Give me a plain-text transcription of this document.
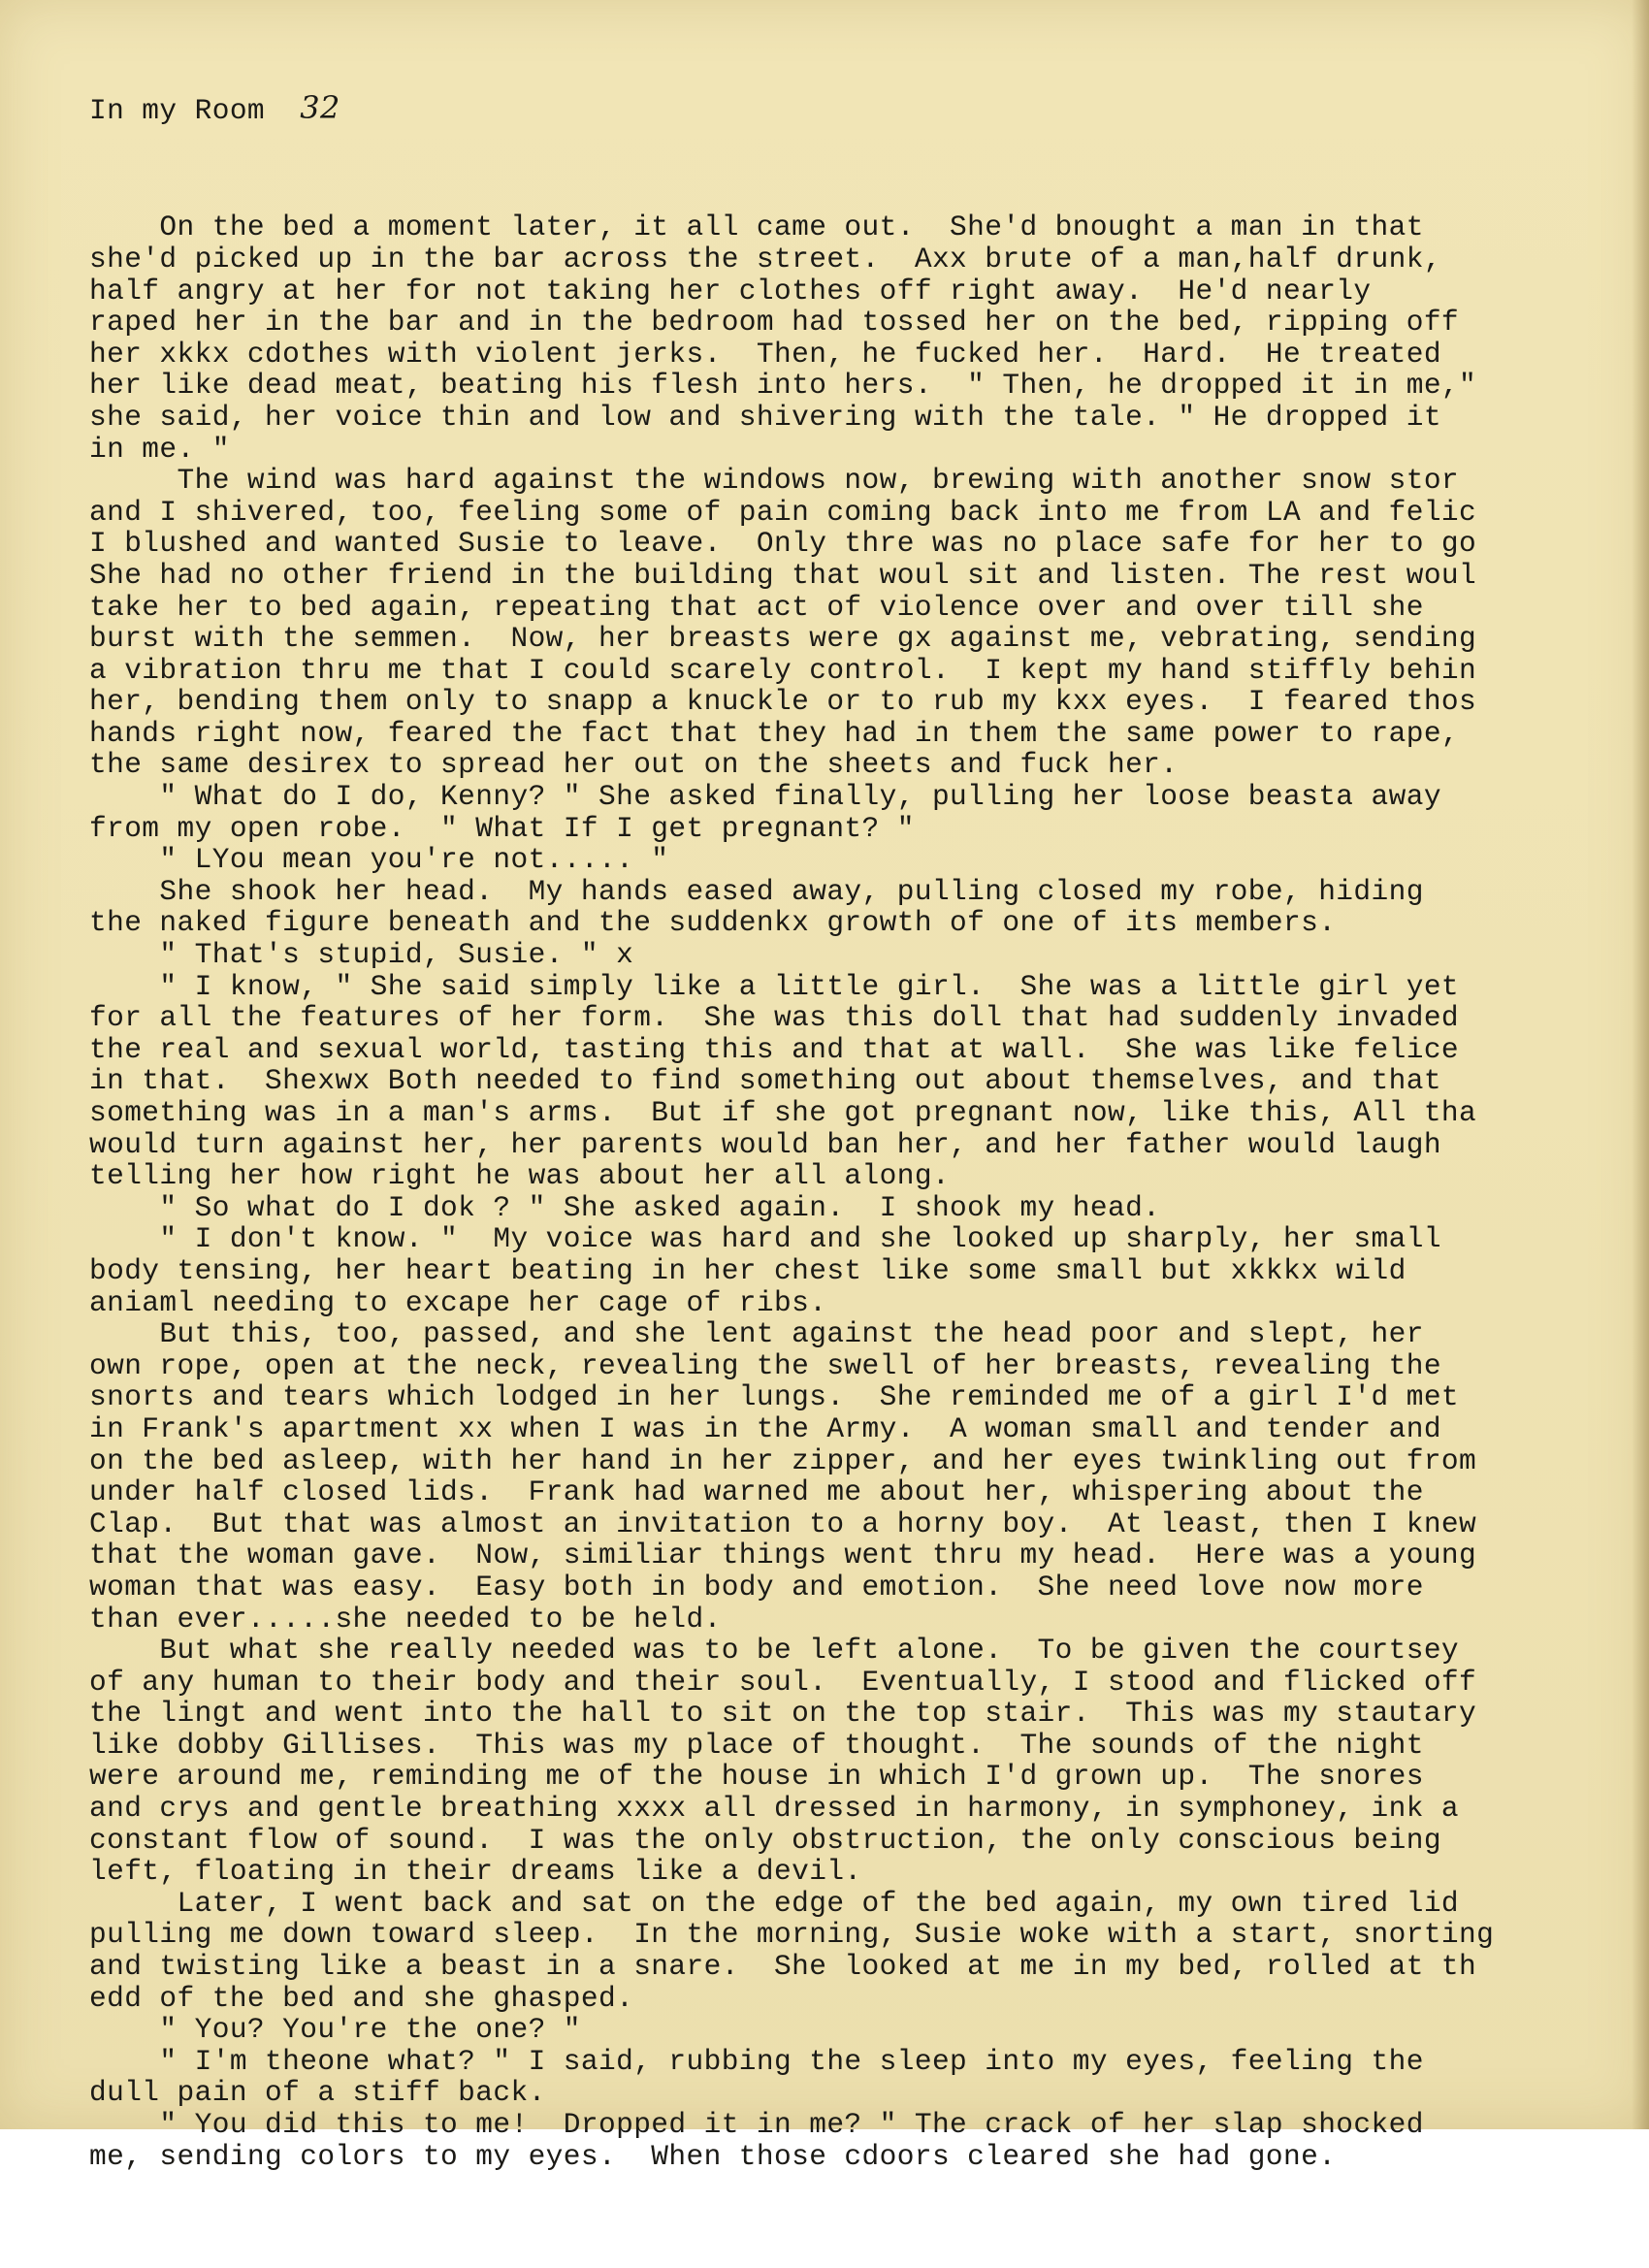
In my Room 32

On the bed a moment later, it all came out.  She'd bnought a man in that
she'd picked up in the bar across the street.  Axx brute of a man,half drunk,
half angry at her for not taking her clothes off right away.  He'd nearly
raped her in the bar and in the bedroom had tossed her on the bed, ripping off
her xkkx cdothes with violent jerks.  Then, he fucked her.  Hard.  He treated
her like dead meat, beating his flesh into hers.  " Then, he dropped it in me,"
she said, her voice thin and low and shivering with the tale. " He dropped it
in me. "
The wind was hard against the windows now, brewing with another snow stor
and I shivered, too, feeling some of pain coming back into me from LA and felic
I blushed and wanted Susie to leave.  Only thre was no place safe for her to go
She had no other friend in the building that woul sit and listen. The rest woul
take her to bed again, repeating that act of violence over and over till she
burst with the semmen.  Now, her breasts were gx against me, vebrating, sending
a vibration thru me that I could scarely control.  I kept my hand stiffly behin
her, bending them only to snapp a knuckle or to rub my kxx eyes.  I feared thos
hands right now, feared the fact that they had in them the same power to rape,
the same desirex to spread her out on the sheets and fuck her.
" What do I do, Kenny? " She asked finally, pulling her loose beasta away
from my open robe.  " What If I get pregnant? "
" LYou mean you're not..... "
She shook her head.  My hands eased away, pulling closed my robe, hiding
the naked figure beneath and the suddenkx growth of one of its members.
" That's stupid, Susie. " x
" I know, " She said simply like a little girl.  She was a little girl yet
for all the features of her form.  She was this doll that had suddenly invaded
the real and sexual world, tasting this and that at wall.  She was like felice
in that.  Shexwx Both needed to find something out about themselves, and that
something was in a man's arms.  But if she got pregnant now, like this, All tha
would turn against her, her parents would ban her, and her father would laugh
telling her how right he was about her all along.
" So what do I dok ? " She asked again.  I shook my head.
" I don't know. "  My voice was hard and she looked up sharply, her small
body tensing, her heart beating in her chest like some small but xkkkx wild
aniaml needing to excape her cage of ribs.
But this, too, passed, and she lent against the head poor and slept, her
own rope, open at the neck, revealing the swell of her breasts, revealing the
snorts and tears which lodged in her lungs.  She reminded me of a girl I'd met
in Frank's apartment xx when I was in the Army.  A woman small and tender and
on the bed asleep, with her hand in her zipper, and her eyes twinkling out from
under half closed lids.  Frank had warned me about her, whispering about the
Clap.  But that was almost an invitation to a horny boy.  At least, then I knew
that the woman gave.  Now, similiar things went thru my head.  Here was a young
woman that was easy.  Easy both in body and emotion.  She need love now more
than ever.....she needed to be held.
But what she really needed was to be left alone.  To be given the courtsey
of any human to their body and their soul.  Eventually, I stood and flicked off
the lingt and went into the hall to sit on the top stair.  This was my stautary
like dobby Gillises.  This was my place of thought.  The sounds of the night
were around me, reminding me of the house in which I'd grown up.  The snores
and crys and gentle breathing xxxx all dressed in harmony, in symphoney, ink a
constant flow of sound.  I was the only obstruction, the only conscious being
left, floating in their dreams like a devil.
Later, I went back and sat on the edge of the bed again, my own tired lid
pulling me down toward sleep.  In the morning, Susie woke with a start, snorting
and twisting like a beast in a snare.  She looked at me in my bed, rolled at th
edd of the bed and she ghasped.
" You? You're the one? "
" I'm theone what? " I said, rubbing the sleep into my eyes, feeling the
dull pain of a stiff back.
" You did this to me!  Dropped it in me? " The crack of her slap shocked
me, sending colors to my eyes.  When those cdoors cleared she had gone.
